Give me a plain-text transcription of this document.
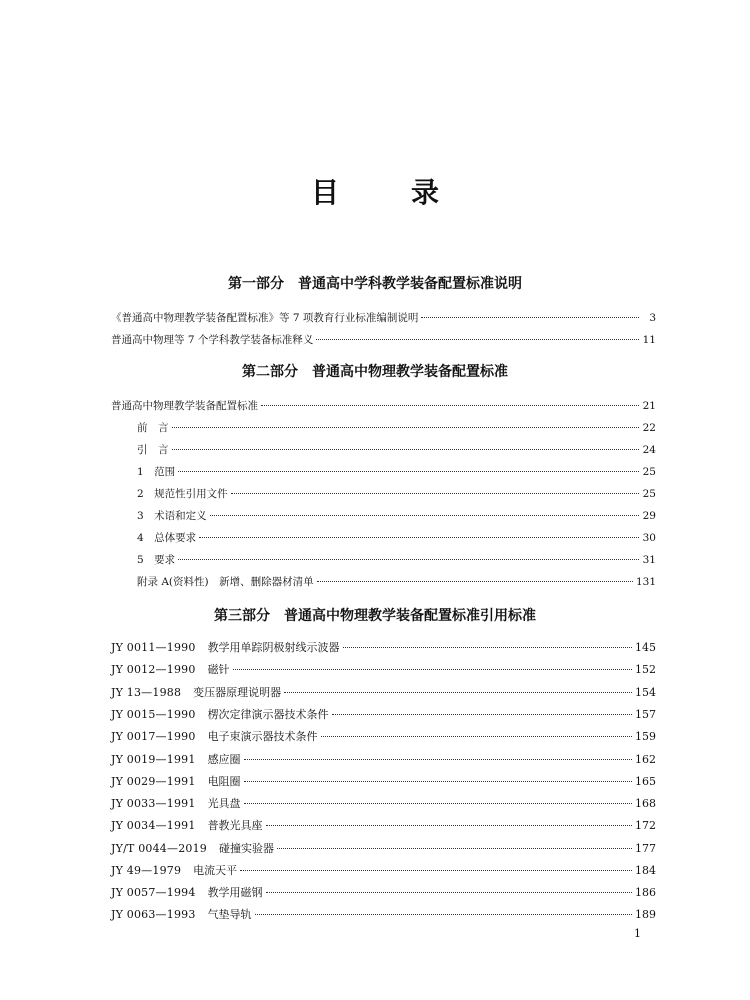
目　录
第一部分　普通高中学科教学装备配置标准说明
《普通高中物理教学装备配置标准》等 7 项教育行业标准编制说明	3
普通高中物理等 7 个学科教学装备标准释义	11
第二部分　普通高中物理教学装备配置标准
普通高中物理教学装备配置标准	21
前　言	22
引　言	24
1　范围	25
2　规范性引用文件	25
3　术语和定义	29
4　总体要求	30
5　要求	31
附录 A(资料性)　新增、删除器材清单	131
第三部分　普通高中物理教学装备配置标准引用标准
JY 0011—1990 教学用单踪阴极射线示波器	145
JY 0012—1990 磁针	152
JY 13—1988 变压器原理说明器	154
JY 0015—1990 楞次定律演示器技术条件	157
JY 0017—1990 电子束演示器技术条件	159
JY 0019—1991 感应圈	162
JY 0029—1991 电阻圈	165
JY 0033—1991 光具盘	168
JY 0034—1991 普教光具座	172
JY/T 0044—2019 碰撞实验器	177
JY 49—1979 电流天平	184
JY 0057—1994 教学用磁钢	186
JY 0063—1993 气垫导轨	189
1
